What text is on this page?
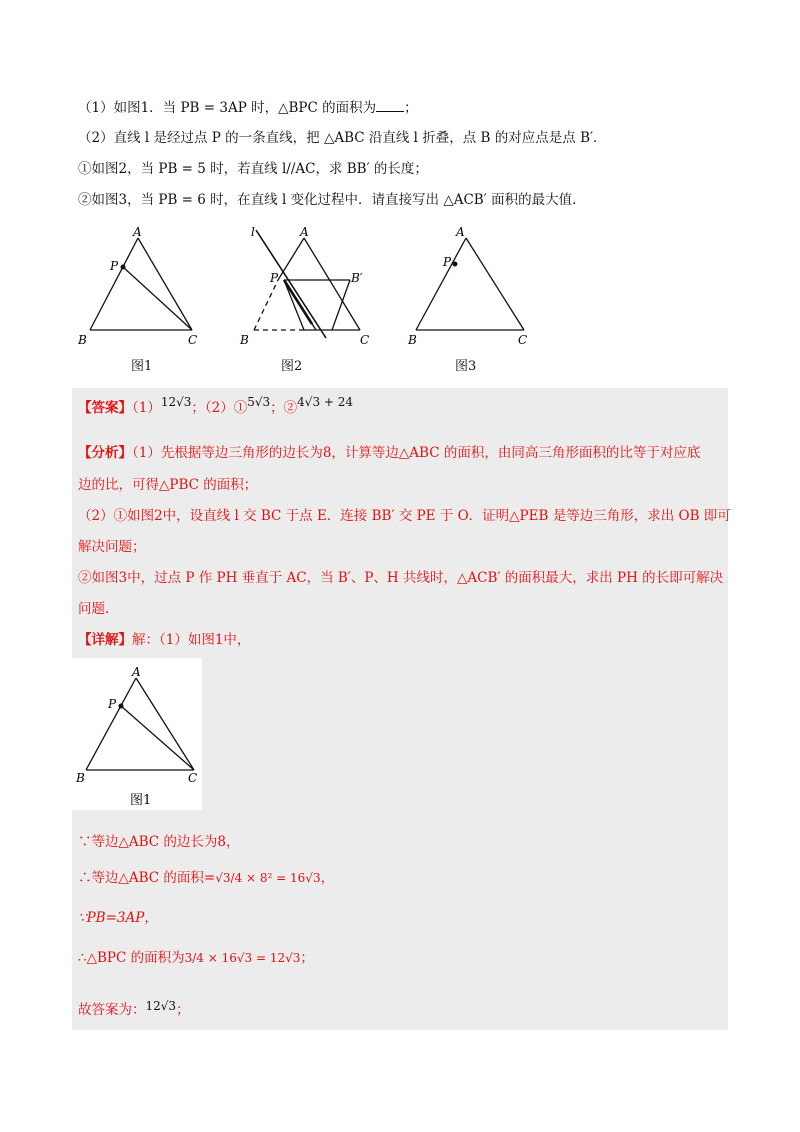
（1）如图1．当 PB = 3AP 时，△BPC 的面积为 ；
（2）直线 l 是经过点 P 的一条直线，把 △ABC 沿直线 l 折叠，点 B 的对应点是点 B′．
①如图2，当 PB = 5 时，若直线 l//AC，求 BB′ 的长度；
②如图3，当 PB = 6 时，在直线 l 变化过程中．请直接写出 △ACB′ 面积的最大值．
A
P
B	C
图1
l	A
P	B′
B	C
图2
A
P
B	C
图3
【答案】（1）12√3；（2）①5√3；②4√3 + 24
【分析】（1）先根据等边三角形的边长为8，计算等边△ABC 的面积，由同高三角形面积的比等于对应底
边的比，可得△PBC 的面积；
（2）①如图2中，设直线 l 交 BC 于点 E．连接 BB′ 交 PE 于 O．证明△PEB 是等边三角形，求出 OB 即可
解决问题；
②如图3中，过点 P 作 PH 垂直于 AC，当 B′、P、H 共线时，△ACB′ 的面积最大，求出 PH 的长即可解决
问题．
【详解】解：（1）如图1中，
A
P
B	C
图1
∵等边△ABC 的边长为8，
∴等边△ABC 的面积=√3/4 × 8² = 16√3，
∵PB=3AP，
∴△BPC 的面积为3/4 × 16√3 = 12√3；
故答案为：12√3；
